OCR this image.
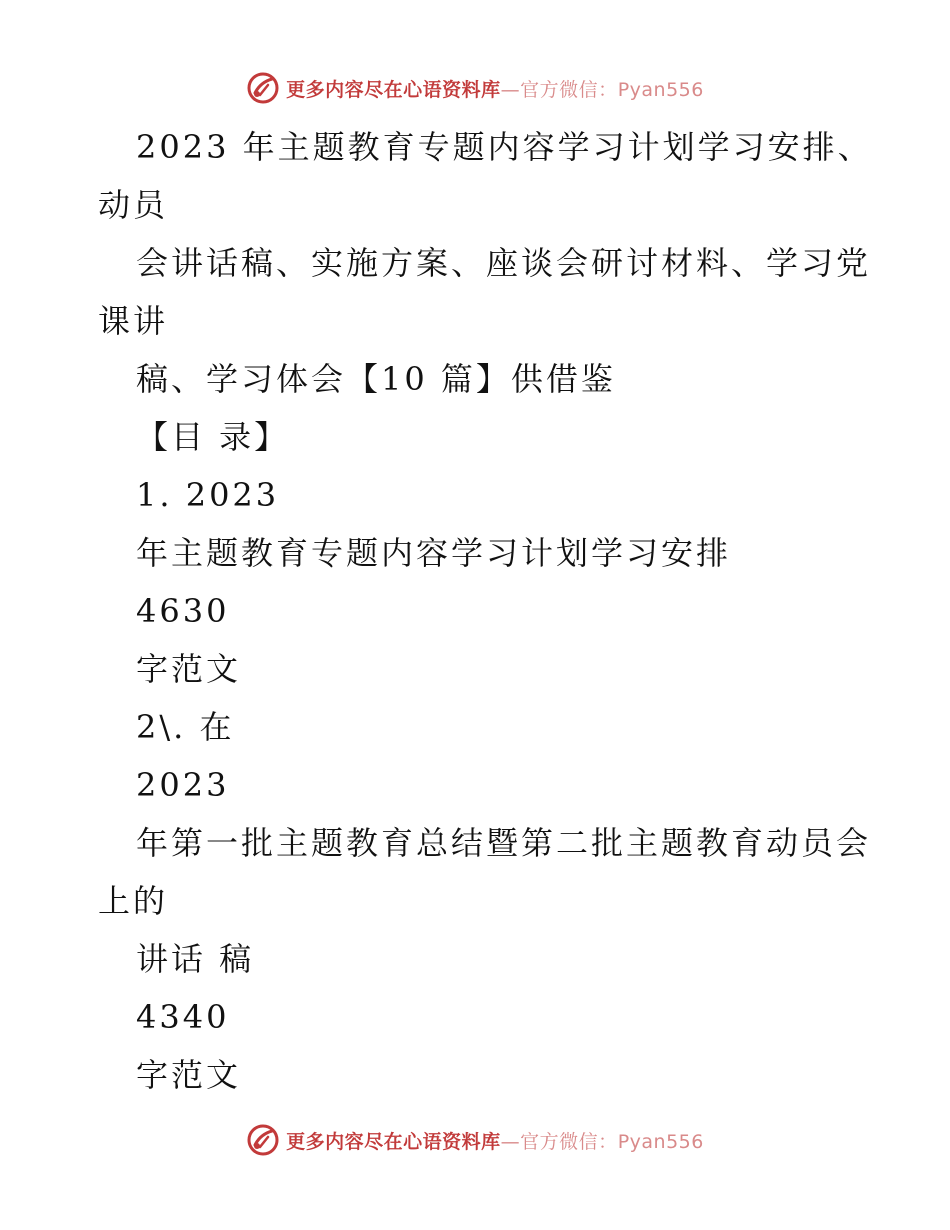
更多内容尽在心语资料库—官方微信：Pyan556
2023 年主题教育专题内容学习计划学习安排、
动员
会讲话稿、实施方案、座谈会研讨材料、学习党
课讲
稿、学习体会【10 篇】供借鉴
【目 录】
1. 2023
年主题教育专题内容学习计划学习安排
4630
字范文
2\. 在
2023
年第一批主题教育总结暨第二批主题教育动员会
上的
讲话 稿
4340
字范文
更多内容尽在心语资料库—官方微信：Pyan556
